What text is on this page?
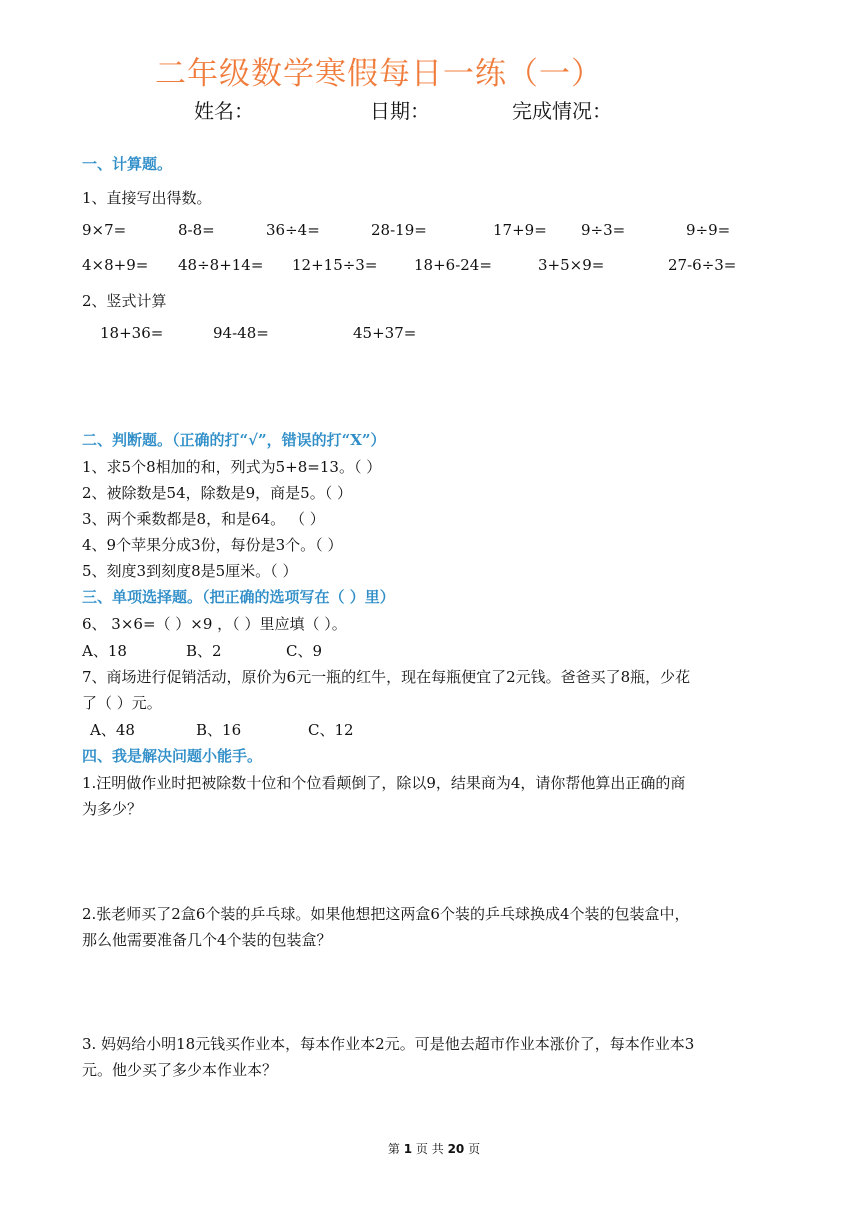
二年级数学寒假每日一练（一）
姓名：	日期：	完成情况：
一、计算题。
1、直接写出得数。
9×7=	8-8=	36÷4=	28-19=	17+9= 9÷3=	9÷9=
4×8+9= 48÷8+14= 12+15÷3= 18+6-24=	3+5×9=	27-6÷3=
2、竖式计算
18+36=	94-48=	45+37=
二、判断题。（正确的打“√”，错误的打“X”）
1、求5个8相加的和，列式为5+8=13。（ ）
2、被除数是54，除数是9，商是5。（ ）
3、两个乘数都是8，和是64。 （ ）
4、9个苹果分成3份，每份是3个。（ ）
5、刻度3到刻度8是5厘米。（ ）
三、单项选择题。（把正确的选项写在（ ）里）
6、 3×6=（ ）×9 ，（ ）里应填（ ）。
A、18	B、2	C、9
7、商场进行促销活动，原价为6元一瓶的红牛，现在每瓶便宜了2元钱。爸爸买了8瓶，少花
了（ ）元。
A、48	B、16	C、12
四、我是解决问题小能手。
1.汪明做作业时把被除数十位和个位看颠倒了，除以9，结果商为4，请你帮他算出正确的商
为多少？
2.张老师买了2盒6个装的乒乓球。如果他想把这两盒6个装的乒乓球换成4个装的包装盒中，
那么他需要准备几个4个装的包装盒？
3. 妈妈给小明18元钱买作业本，每本作业本2元。可是他去超市作业本涨价了，每本作业本3
元。他少买了多少本作业本？
第 1 页 共 20 页
